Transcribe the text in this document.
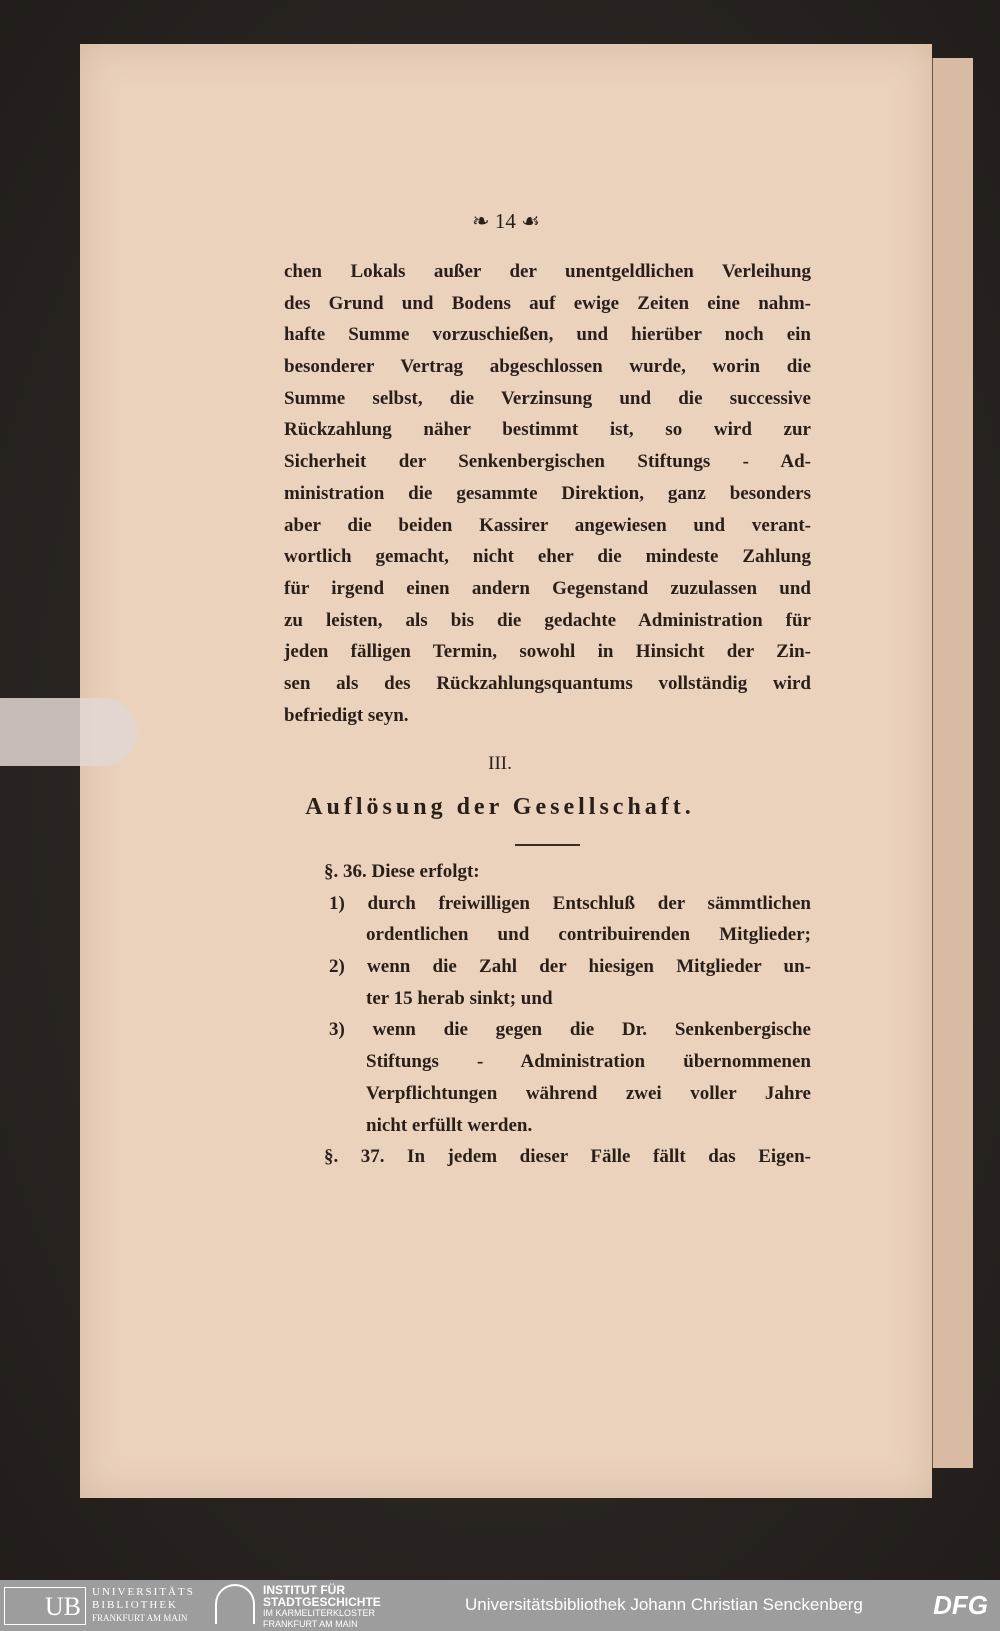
❧ 14 ☙
chen Lokals außer der unentgeldlichen Verleihung
des Grund und Bodens auf ewige Zeiten eine nahm-
hafte Summe vorzuschießen, und hierüber noch ein
besonderer Vertrag abgeschlossen wurde, worin die
Summe selbst, die Verzinsung und die successive
Rückzahlung näher bestimmt ist, so wird zur
Sicherheit der Senkenbergischen Stiftungs - Ad-
ministration die gesammte Direktion, ganz besonders
aber die beiden Kassirer angewiesen und verant-
wortlich gemacht, nicht eher die mindeste Zahlung
für irgend einen andern Gegenstand zuzulassen und
zu leisten, als bis die gedachte Administration für
jeden fälligen Termin, sowohl in Hinsicht der Zin-
sen als des Rückzahlungsquantums vollständig wird
befriedigt seyn.
III.
Auflösung der Gesellschaft.
§. 36. Diese erfolgt:
1) durch freiwilligen Entschluß der sämmtlichen
ordentlichen und contribuirenden Mitglieder;
2) wenn die Zahl der hiesigen Mitglieder un-
ter 15 herab sinkt; und
3) wenn die gegen die Dr. Senkenbergische
Stiftungs - Administration übernommenen
Verpflichtungen während zwei voller Jahre
nicht erfüllt werden.
§. 37. In jedem dieser Fälle fällt das Eigen-
UB	UNIVERSITÄTS
BIBLIOTHEK
FRANKFURT AM MAIN
INSTITUT FÜR
STADTGESCHICHTE
IM KARMELITERKLOSTER
FRANKFURT AM MAIN
Universitätsbibliothek Johann Christian Senckenberg	DFG
